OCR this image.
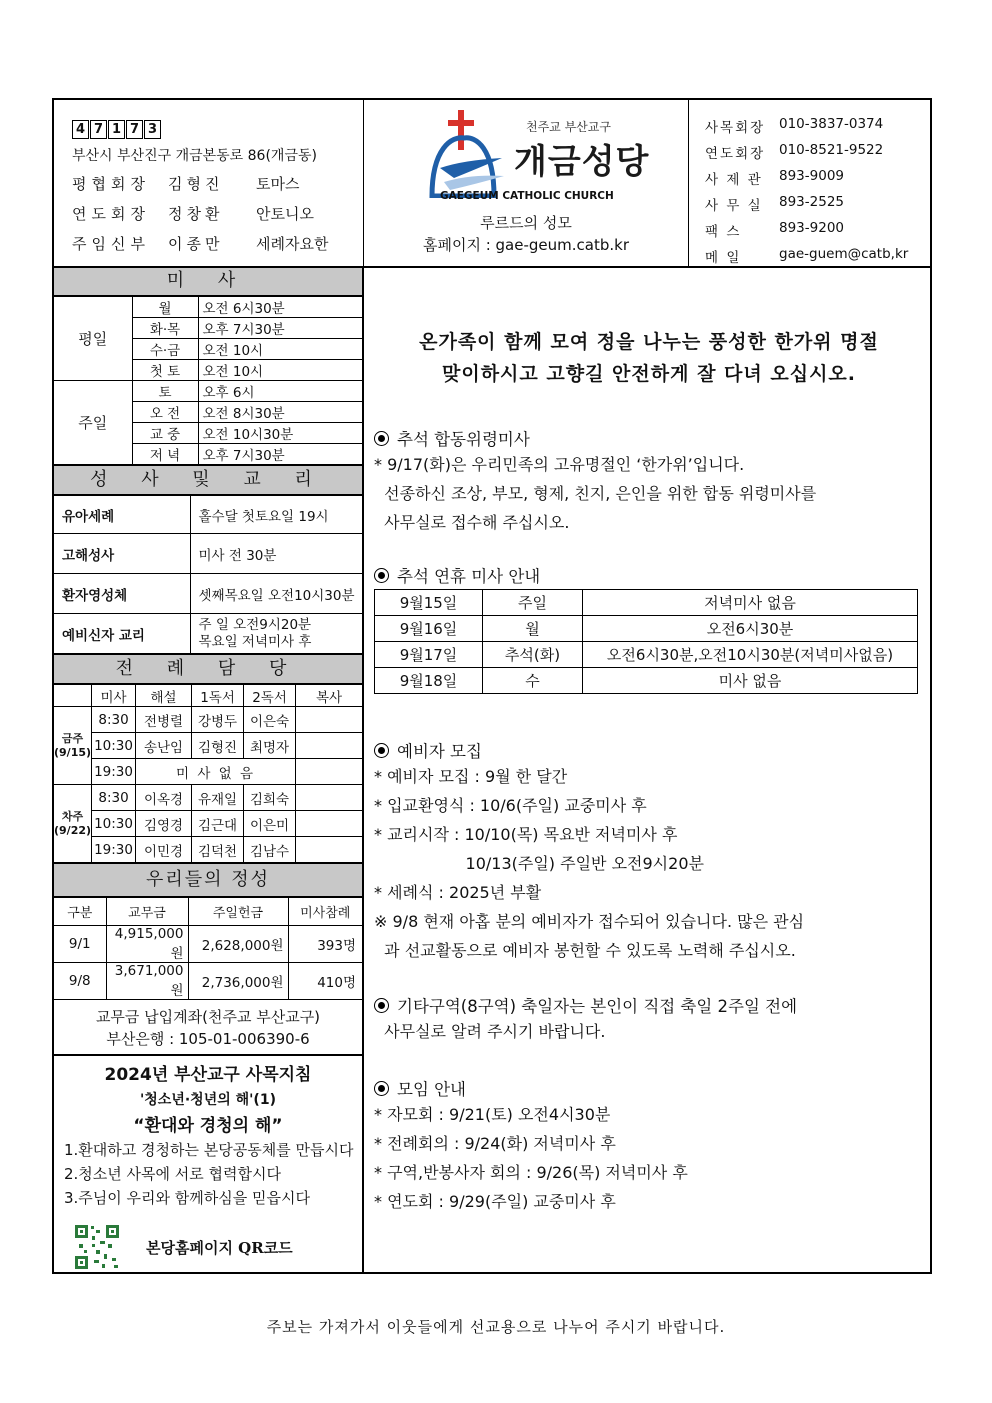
4 7 1 7 3
부산시 부산진구 개금본동로 86(개금동)
평협회장	김형진	토마스
연도회장	정창환	안토니오
주임신부	이종만	세례자요한
천주교 부산교구
개금성당
GAEGEUM CATHOLIC CHURCH
루르드의 성모
홈페이지 : gae-geum.catb.kr
사목회장	010-3837-0374
연도회장	010-8521-9522
사 제 관	893-9009
사 무 실	893-2525
팩 스	893-9200
메 일	gae-guem@catb,kr
미 사
평일	월	오전 6시30분
	화·목	오후 7시30분
	수·금	오전 10시
	첫 토	오전 10시
주일	토	오후 6시
	오 전	오전 8시30분
	교 중	오전 10시30분
	저 녁	오후 7시30분
성 사 및 교 리
유아세례	홀수달 첫토요일 19시
고해성사	미사 전 30분
환자영성체	셋째목요일 오전10시30분
예비신자 교리	주 일 오전9시20분
목요일 저녁미사 후
전 례 담 당
	미사	해설	1독서	2독서	복사
금주(9/15)	8:30	전병렬	강병두	이은숙	
	10:30	송난임	김형진	최명자	
	19:30	미 사 없 음			
차주(9/22)	8:30	이옥경	유재일	김희숙	
	10:30	김영경	김근대	이은미	
	19:30	이민경	김덕천	김남수	
우리들의 정성
구분	교무금	주일헌금	미사참례
9/1	4,915,000원	2,628,000원	393명
9/8	3,671,000원	2,736,000원	410명
교무금 납입계좌(천주교 부산교구)
부산은행 : 105-01-006390-6
2024년 부산교구 사목지침
'청소년·청년의 해'(1)
“환대와 경청의 해”
1.환대하고 경청하는 본당공동체를 만듭시다
2.청소년 사목에 서로 협력합시다
3.주님이 우리와 함께하심을 믿읍시다
본당홈페이지 QR코드
온가족이 함께 모여 정을 나누는 풍성한 한가위 명절
맞이하시고 고향길 안전하게 잘 다녀 오십시오.
추석 합동위령미사
* 9/17(화)은 우리민족의 고유명절인 ‘한가위’입니다.
선종하신 조상, 부모, 형제, 친지, 은인을 위한 합동 위령미사를
사무실로 접수해 주십시오.
추석 연휴 미사 안내
9월15일	주일	저녁미사 없음
9월16일	월	오전6시30분
9월17일	추석(화)	오전6시30분,오전10시30분(저녁미사없음)
9월18일	수	미사 없음
예비자 모집
* 예비자 모집 : 9월 한 달간
* 입교환영식 : 10/6(주일) 교중미사 후
* 교리시작 : 10/10(목) 목요반 저녁미사 후
10/13(주일) 주일반 오전9시20분
* 세례식 : 2025년 부활
※ 9/8 현재 아홉 분의 예비자가 접수되어 있습니다. 많은 관심
과 선교활동으로 예비자 봉헌할 수 있도록 노력해 주십시오.
기타구역(8구역) 축일자는 본인이 직접 축일 2주일 전에
사무실로 알려 주시기 바랍니다.
모임 안내
* 자모회 : 9/21(토) 오전4시30분
* 전례회의 : 9/24(화) 저녁미사 후
* 구역,반봉사자 회의 : 9/26(목) 저녁미사 후
* 연도회 : 9/29(주일) 교중미사 후
주보는 가져가서 이웃들에게 선교용으로 나누어 주시기 바랍니다.
